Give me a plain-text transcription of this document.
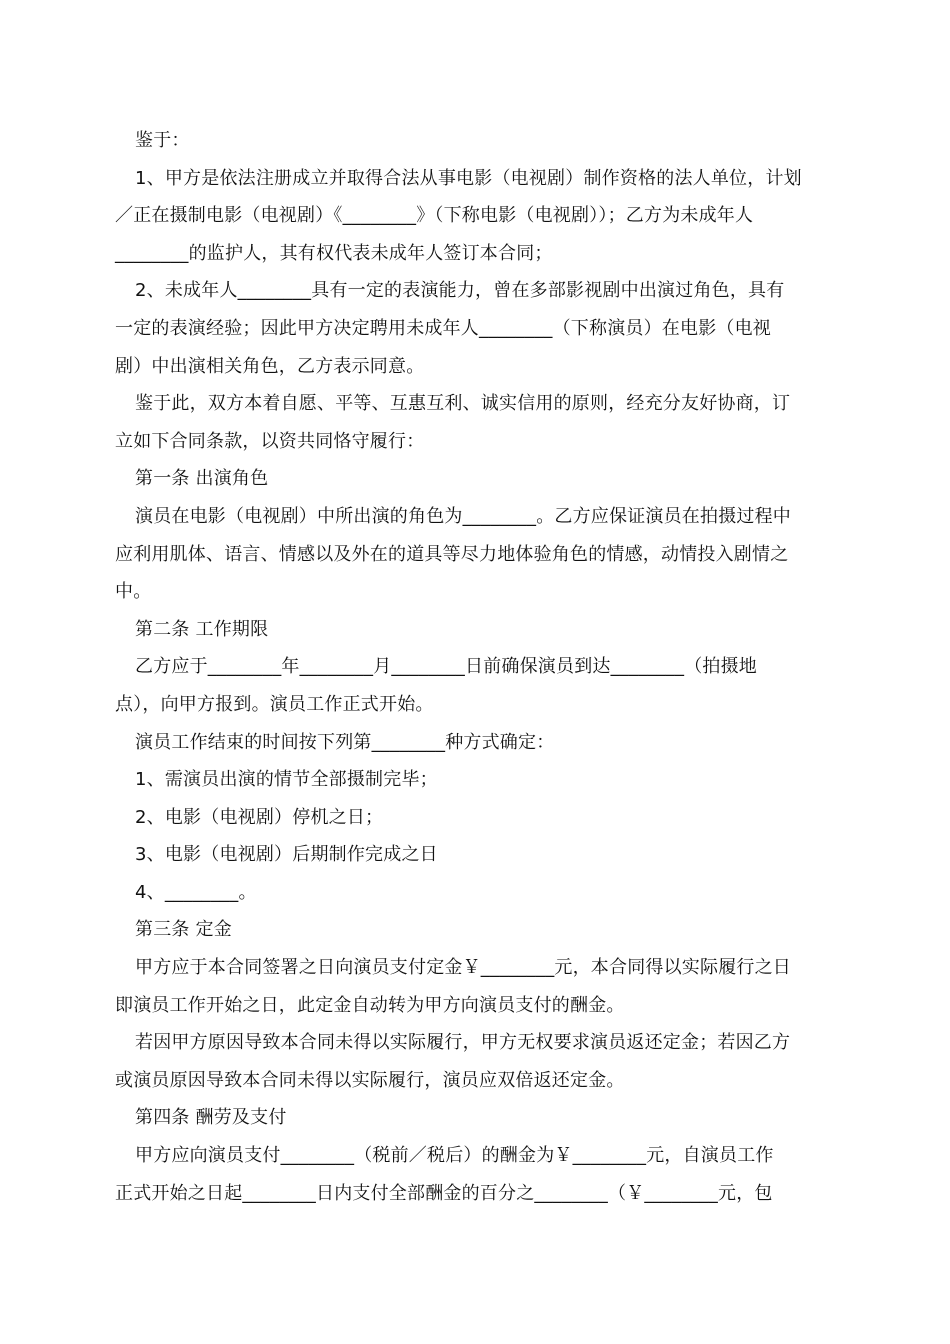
鉴于：
1、甲方是依法注册成立并取得合法从事电影（电视剧）制作资格的法人单位，计划
／正在摄制电影（电视剧）《________》（下称电影（电视剧））；乙方为未成年人
________的监护人，其有权代表未成年人签订本合同；
2、未成年人________具有一定的表演能力，曾在多部影视剧中出演过角色，具有
一定的表演经验；因此甲方决定聘用未成年人________（下称演员）在电影（电视
剧）中出演相关角色，乙方表示同意。
鉴于此，双方本着自愿、平等、互惠互利、诚实信用的原则，经充分友好协商，订
立如下合同条款，以资共同恪守履行：
第一条 出演角色
演员在电影（电视剧）中所出演的角色为________。乙方应保证演员在拍摄过程中
应利用肌体、语言、情感以及外在的道具等尽力地体验角色的情感，动情投入剧情之
中。
第二条 工作期限
乙方应于________年________月________日前确保演员到达________（拍摄地
点），向甲方报到。演员工作正式开始。
演员工作结束的时间按下列第________种方式确定：
1、需演员出演的情节全部摄制完毕；
2、电影（电视剧）停机之日；
3、电影（电视剧）后期制作完成之日
4、________。
第三条 定金
甲方应于本合同签署之日向演员支付定金￥________元，本合同得以实际履行之日
即演员工作开始之日，此定金自动转为甲方向演员支付的酬金。
若因甲方原因导致本合同未得以实际履行，甲方无权要求演员返还定金；若因乙方
或演员原因导致本合同未得以实际履行，演员应双倍返还定金。
第四条 酬劳及支付
甲方应向演员支付________（税前／税后）的酬金为￥________元，自演员工作
正式开始之日起________日内支付全部酬金的百分之________（￥________元，包
